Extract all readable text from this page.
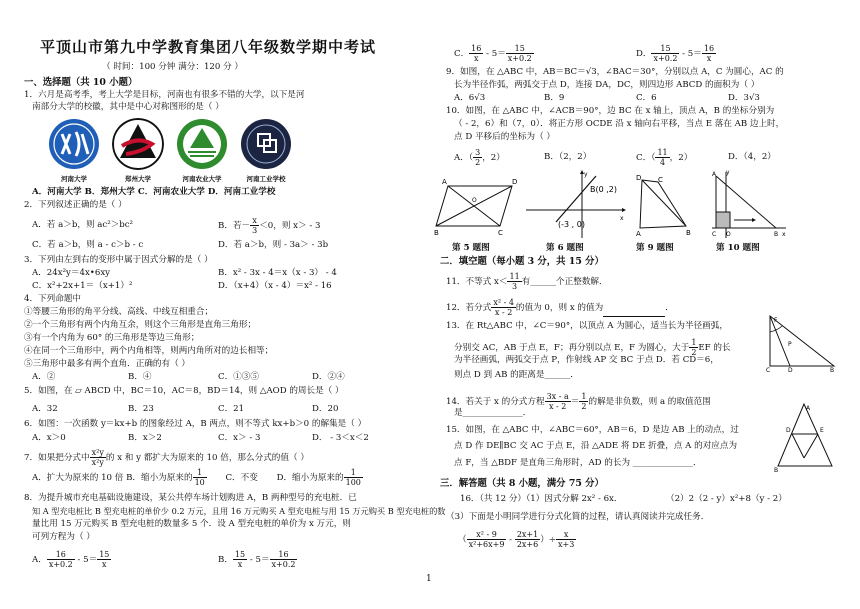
平顶山市第九中学教育集团八年级数学期中考试
（ 时间：100 分钟 满分：120 分 ）
一、选择题（共 10 小题）
1．六月是高考季，考上大学是目标，河南也有很多不错的大学，以下是河
南部分大学的校徽，其中是中心对称图形的是（ ）
河南大学	郑州大学	河南农业大学	河南工业学校
A．河南大学 B．郑州大学 C．河南农业大学 D．河南工业学校
2．下列叙述正确的是（ ）
A．若 a＞b，则 ac²＞bc²	B．若－ $\frac{x}{3} <0$，则 x＞ - 3
C．若 a＞b，则 a - c＞b - c	D．若 a＞b，则 - 3a＞ - 3b
3．下列由左到右的变形中属于因式分解的是（ ）
A．24x²y＝4x•6xy	B．x² - 3x - 4＝x（x - 3） - 4
C．x²+2x+1＝（x+1）²	D．（x+4）（x - 4）＝x² - 16
4．下列命题中
①等腰三角形的角平分线、高线、中线互相重合；
②一个三角形有两个内角互余，则这个三角形是直角三角形；
③有一个内角为 60° 的三角形是等边三角形；
④在同一个三角形中，两个内角相等，则两内角所对的边长相等；
⑤三角形中最多有两个直角．正确的有（ ）
A．②	B．④	C．①③⑤	D．②④
5．如图，在 ▱ ABCD 中，BC＝10，AC＝8，BD＝14，则 △AOD 的周长是（ ）
A．32	B．23	C．21	D．20
6．如图：一次函数 y＝kx+b 的图象经过 A，B 两点，则不等式 kx+b＞0 的解集是（ ）
A．x＞0	B．x＞2	C．x＞ - 3	D． - 3＜x＜2
7．如果把分式中 $\frac{\text{x²y}}{\text{x²y}}$ 的 x 和 y 都扩大为原来的 10 倍，那么分式的值（ ）
A．扩大为原来的 10 倍 B．缩小为原来的 $\frac{1}{10}$ C．不变 D．缩小为原来的 $\frac{1}{100}$
8．为提升城市充电基础设施建设，某公共停车场计划购进 A，B 两种型号的充电桩．已
知 A 型充电桩比 B 型充电桩的单价少 0.2 万元，且用 16 万元购买 A 型充电桩与用 15 万元购买 B 型充电桩的数
量比用 15 万元购买 B 型充电桩的数量多 5 个．设 A 型充电桩的单价为 x 万元，则
可列方程为（ ）
A． $\frac{16}{x+0.2} - 5= \frac{15}{x}$	B． $\frac{15}{x} - 5= \frac{16}{x+0.2}$
C． $\frac{16}{x} - 5= \frac{15}{x+0.2}$	D． $\frac{15}{x+0.2} - 5= \frac{16}{x}$
9．如图，在 △ABC 中，AB＝BC＝√3，∠BAC＝30°，分别以点 A，C 为圆心，AC 的
长为半径作弧，两弧交于点 D，连接 DA，DC，则四边形 ABCD 的面积为（ ）
A．6√3	B．9	C．6	D．3√3
10．如图，在 △ABC 中，∠ACB＝90°，边 BC 在 x 轴上，顶点 A，B 的坐标分别为
（ - 2，6）和（7，0）．将正方形 OCDE 沿 x 轴向右平移，当点 E 落在 AB 边上时，
点 D 平移后的坐标为（ ）
A．（ $\frac{3}{2}$ ，2）	B．（2，2）	C．（ $\frac{11}{4}$ ，2）	D．（4，2）
A	D
B	C
O
y
x
B(0 ,2)
(-3 , 0)
D C
B
A
A
B
C O
y
x
第 5 题图	第 6 题图	第 9 题图	第 10 题图
二．填空题（每小题 3 分，共 15 分）
11．不等式 $x< \frac{11}{3}$ 有______个正整数解．
12．若分式 $\frac{\text{x² - 4}}{x - 2}$ 的值为 0，则 x 的值为	．
13．在 Rt△ABC 中，∠C＝90°，以顶点 A 为圆心，适当长为半径画弧，
分别交 AC，AB 于点 E，F；再分别以点 E，F 为圆心，大于 $\frac{1}{2}$ EF 的长
为半径画弧，两弧交于点 P，作射线 AP 交 BC 于点 D．若 CD＝6，
则点 D 到 AB 的距离是______．
F
P
C	D	B
14．若关于 x 的分式方程 $\frac{3x - a}{x - 2} = \frac{1}{2}$ 的解是非负数，则 a 的取值范围
是______________．
15．如图，在 △ABC 中，∠ABC＝60°，AB＝6，D 是边 AB 上的动点，过
点 D 作 DE∥BC 交 AC 于点 E，沿 △ADE 将 DE 折叠，点 A 的对应点为
点 F，当 △BDF 是直角三角形时，AD 的长为 ______________．
D	E
A
B
三．解答题（共 8 小题，满分 75 分）
16．（共 12 分）（1）因式分解 2x² - 6x．	（2）2（2 - y）x²+8（y - 2）
（3）下面是小明同学进行分式化简的过程，请认真阅读并完成任务．
（ $\frac{\text{x² - 9}}{\text{x²+6x+9}} - \frac{2x+1}{2x+6}$ ）÷ $\frac{x}{x+3}$
1
